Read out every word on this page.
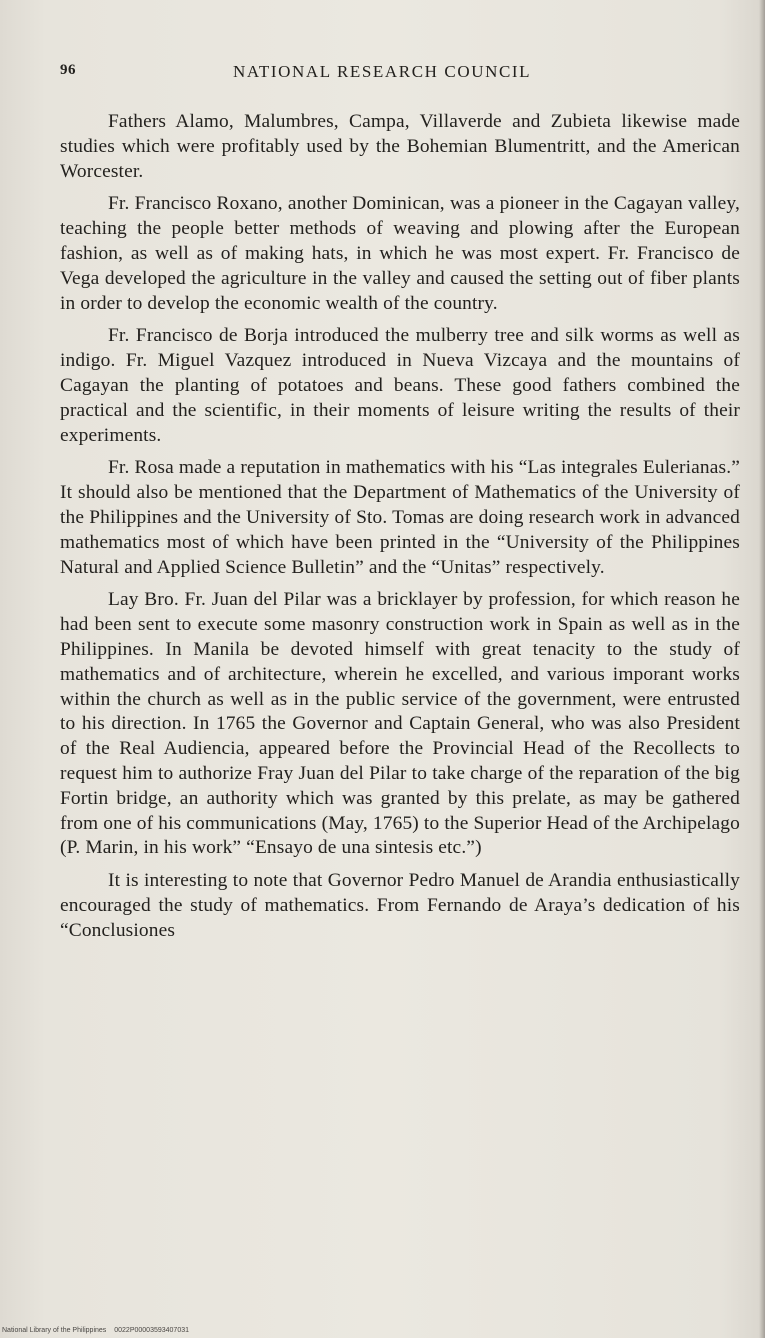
96	NATIONAL RESEARCH COUNCIL

Fathers Alamo, Malumbres, Campa, Villaverde and Zubieta likewise made studies which were profitably used by the Bohemian Blumentritt, and the American Worcester.

Fr. Francisco Roxano, another Dominican, was a pioneer in the Cagayan valley, teaching the people better methods of weaving and plowing after the European fashion, as well as of making hats, in which he was most expert. Fr. Francisco de Vega developed the agriculture in the valley and caused the setting out of fiber plants in order to develop the economic wealth of the country.

Fr. Francisco de Borja introduced the mulberry tree and silk worms as well as indigo. Fr. Miguel Vazquez introduced in Nueva Vizcaya and the mountains of Cagayan the planting of potatoes and beans. These good fathers combined the practical and the scientific, in their moments of leisure writing the results of their experiments.

Fr. Rosa made a reputation in mathematics with his “Las integrales Eulerianas.” It should also be mentioned that the Department of Mathematics of the University of the Philippines and the University of Sto. Tomas are doing research work in advanced mathematics most of which have been printed in the “University of the Philippines Natural and Applied Science Bulletin” and the “Unitas” respectively.

Lay Bro. Fr. Juan del Pilar was a bricklayer by profession, for which reason he had been sent to execute some masonry construction work in Spain as well as in the Philippines. In Manila be devoted himself with great tenacity to the study of mathematics and of architecture, wherein he excelled, and various imporant works within the church as well as in the public service of the government, were entrusted to his direction. In 1765 the Governor and Captain General, who was also President of the Real Audiencia, appeared before the Provincial Head of the Recollects to request him to authorize Fray Juan del Pilar to take charge of the reparation of the big Fortin bridge, an authority which was granted by this prelate, as may be gathered from one of his communications (May, 1765) to the Superior Head of the Archipelago (P. Marin, in his work” “Ensayo de una sintesis etc.”)

It is interesting to note that Governor Pedro Manuel de Arandia enthusiastically encouraged the study of mathematics. From Fernando de Araya’s dedication of his “Conclusiones

National Library of the Philippines 0022P00003593407031
